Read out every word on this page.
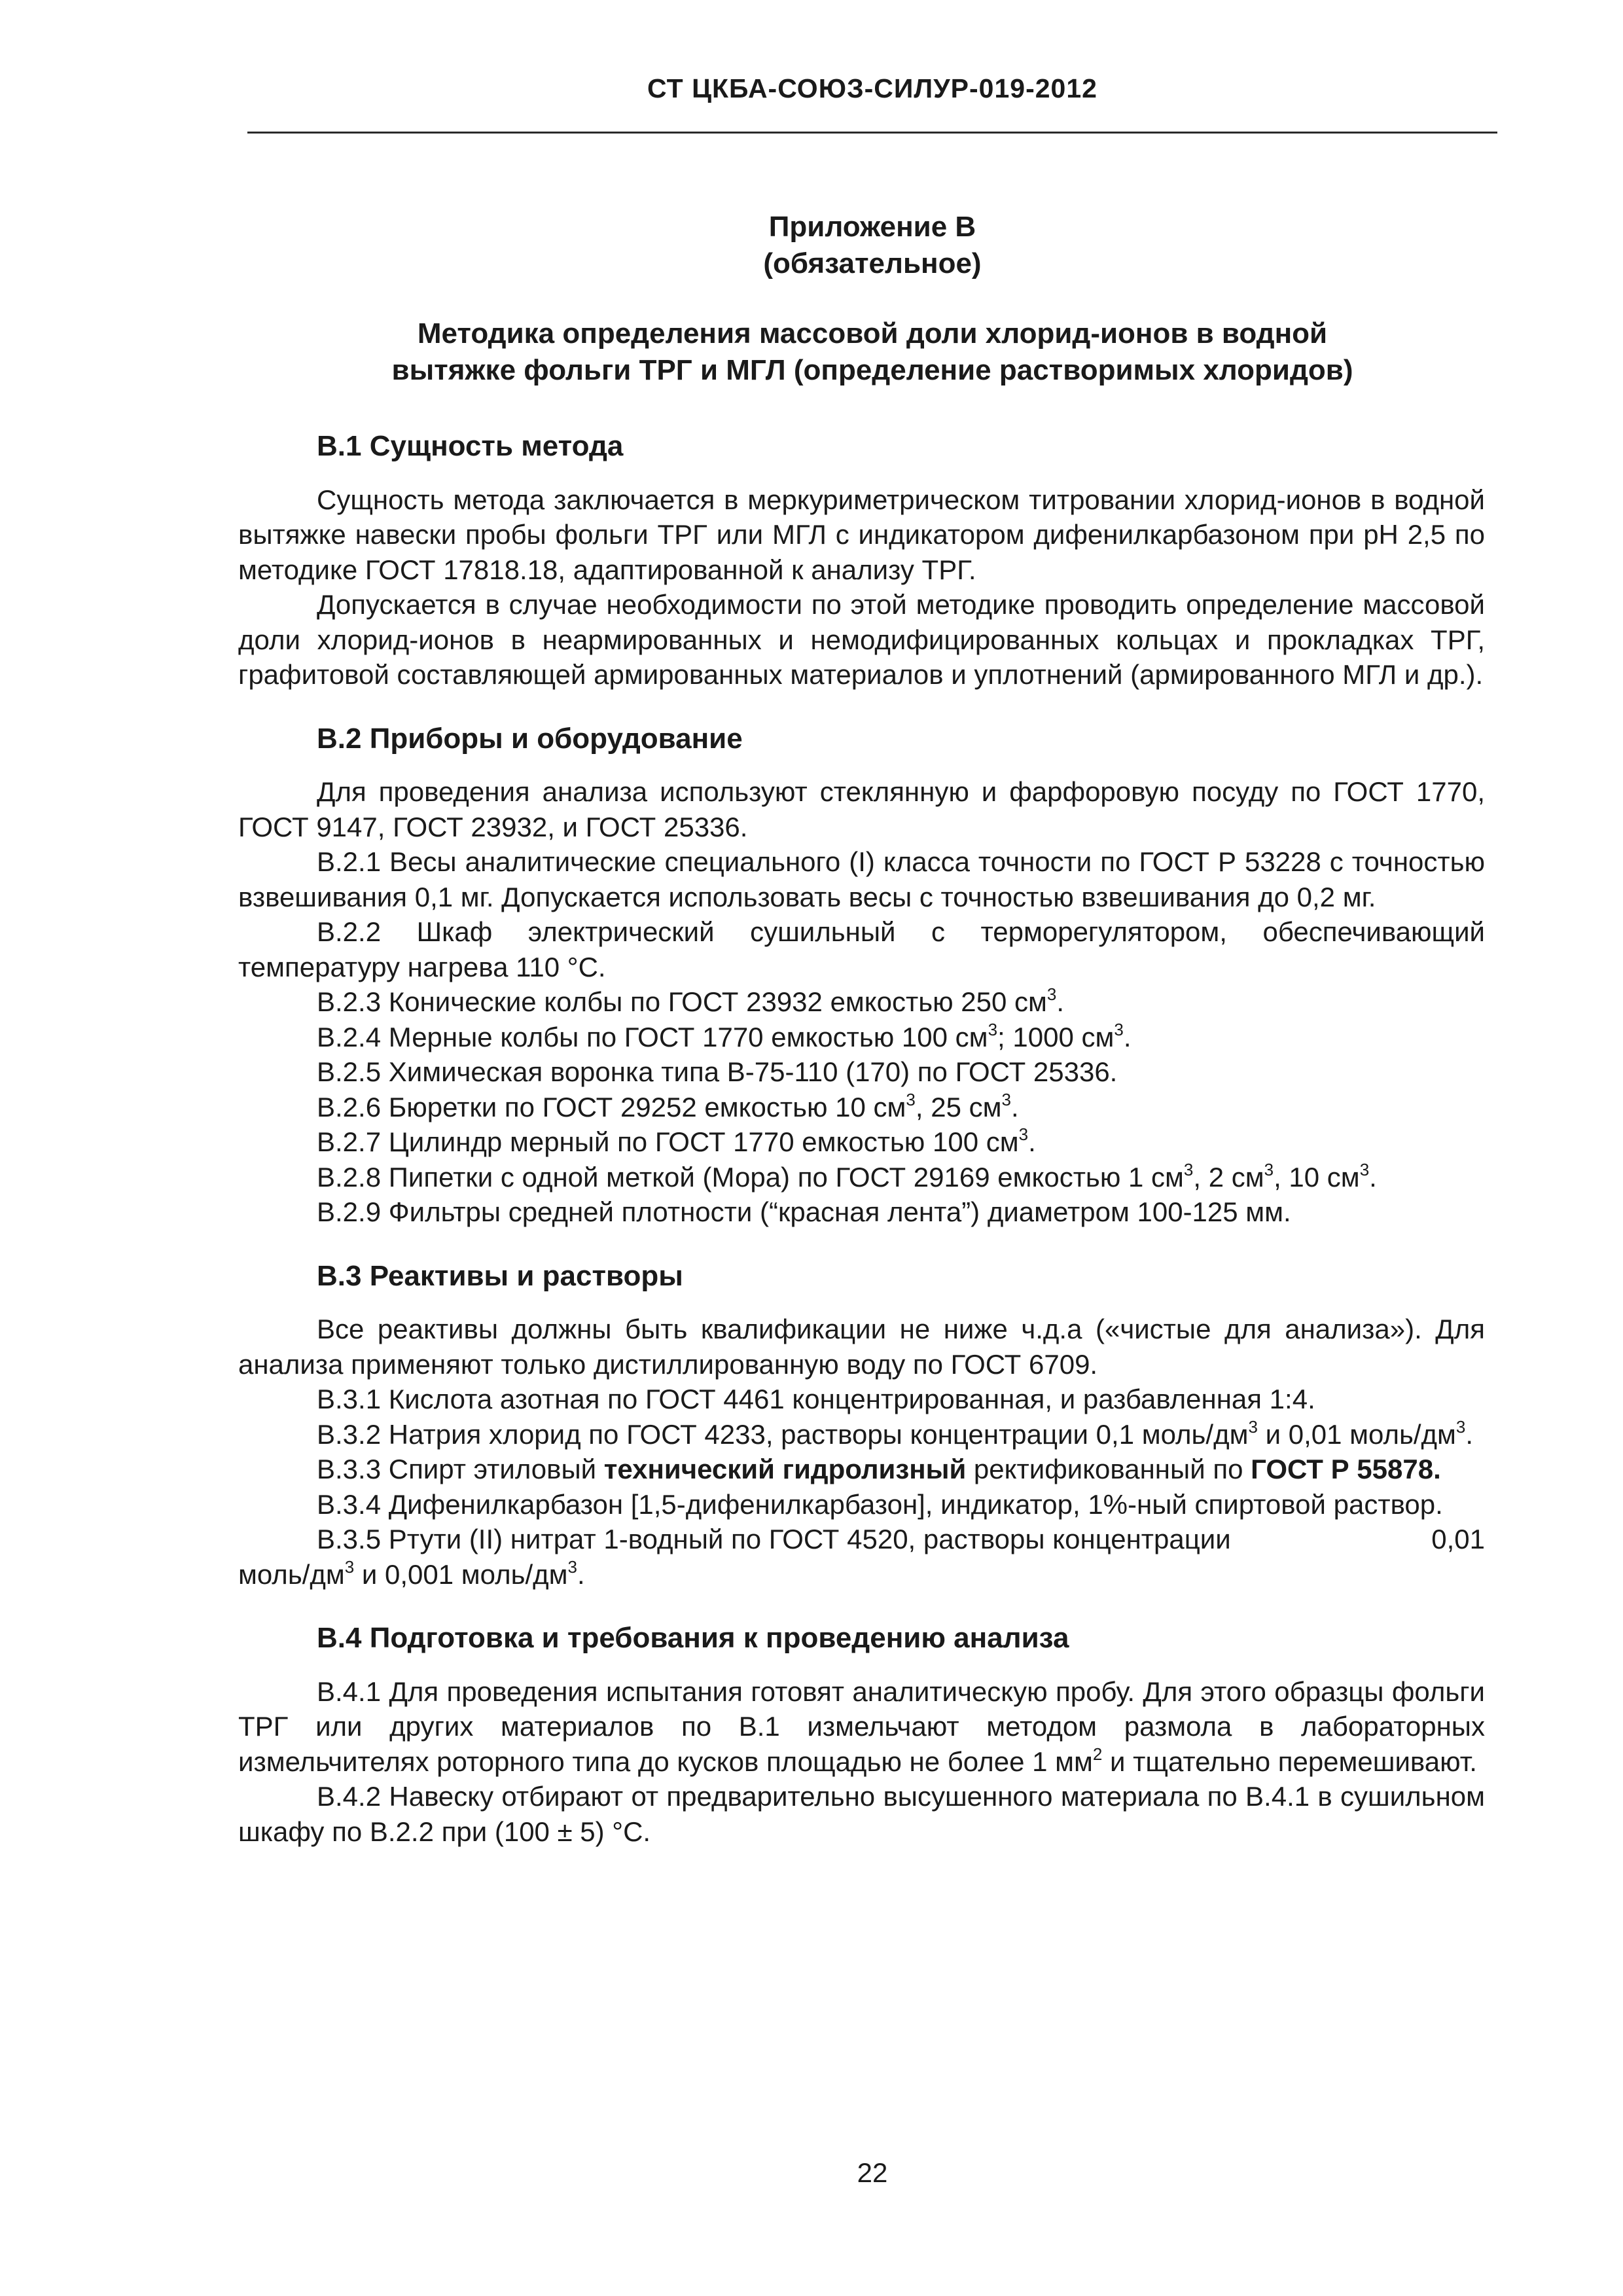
СТ ЦКБА-СОЮЗ-СИЛУР-019-2012
Приложение В
(обязательное)
Методика определения массовой доли хлорид-ионов в водной
вытяжке фольги ТРГ и МГЛ (определение растворимых хлоридов)
В.1 Сущность метода

Сущность метода заключается в меркуриметрическом титровании хлорид-ионов в водной вытяжке навески пробы фольги ТРГ или МГЛ с индикатором дифенилкарбазоном при pH 2,5 по методике ГОСТ 17818.18, адаптированной к анализу ТРГ.

Допускается в случае необходимости по этой методике проводить определение массовой доли хлорид-ионов в неармированных и немодифицированных кольцах и прокладках ТРГ, графитовой составляющей армированных материалов и уплотнений (армированного МГЛ и др.).

В.2 Приборы и оборудование

Для проведения анализа используют стеклянную и фарфоровую посуду по ГОСТ 1770, ГОСТ 9147, ГОСТ 23932, и ГОСТ 25336.

В.2.1 Весы аналитические специального (I) класса точности по ГОСТ Р 53228 с точностью взвешивания 0,1 мг. Допускается использовать весы с точностью взвешивания до 0,2 мг.

В.2.2 Шкаф электрический сушильный с терморегулятором, обеспечивающий температуру нагрева 110 °С.

В.2.3 Конические колбы по ГОСТ 23932 емкостью 250 $см^3$.

В.2.4 Мерные колбы по ГОСТ 1770 емкостью 100 $см^3$; 1000 $см^3$.

В.2.5 Химическая воронка типа В-75-110 (170) по ГОСТ 25336.

В.2.6 Бюретки по ГОСТ 29252 емкостью 10 $см^3$, 25 $см^3$.

В.2.7 Цилиндр мерный по ГОСТ 1770 емкостью 100 $см^3$.

В.2.8 Пипетки с одной меткой (Мора) по ГОСТ 29169 емкостью 1 $см^3$, 2 $см^3$, 10 $см^3$.

В.2.9 Фильтры средней плотности (“красная лента”) диаметром 100-125 мм.

В.3 Реактивы и растворы

Все реактивы должны быть квалификации не ниже ч.д.а («чистые для анализа»). Для анализа применяют только дистиллированную воду по ГОСТ 6709.

В.3.1 Кислота азотная по ГОСТ 4461 концентрированная, и разбавленная 1:4.

В.3.2 Натрия хлорид по ГОСТ 4233, растворы концентрации 0,1 моль/$дм^3$ и 0,01 моль/$дм^3$.

В.3.3 Спирт этиловый технический гидролизный ректификованный по ГОСТ Р 55878.

В.3.4 Дифенилкарбазон [1,5-дифенилкарбазон], индикатор, 1%-ный спиртовой раствор.

В.3.5 Ртути (II) нитрат 1-водный по ГОСТ 4520, растворы концентрации	0,01
моль/$дм^3$ и 0,001 моль/$дм^3$.
В.4 Подготовка и требования к проведению анализа

В.4.1 Для проведения испытания готовят аналитическую пробу. Для этого образцы фольги ТРГ или других материалов по В.1 измельчают методом размола в лабораторных измельчителях роторного типа до кусков площадью не более 1 $мм^2$ и тщательно перемешивают.

В.4.2 Навеску отбирают от предварительно высушенного материала по В.4.1 в сушильном шкафу по В.2.2 при (100 ± 5) °С.

22
